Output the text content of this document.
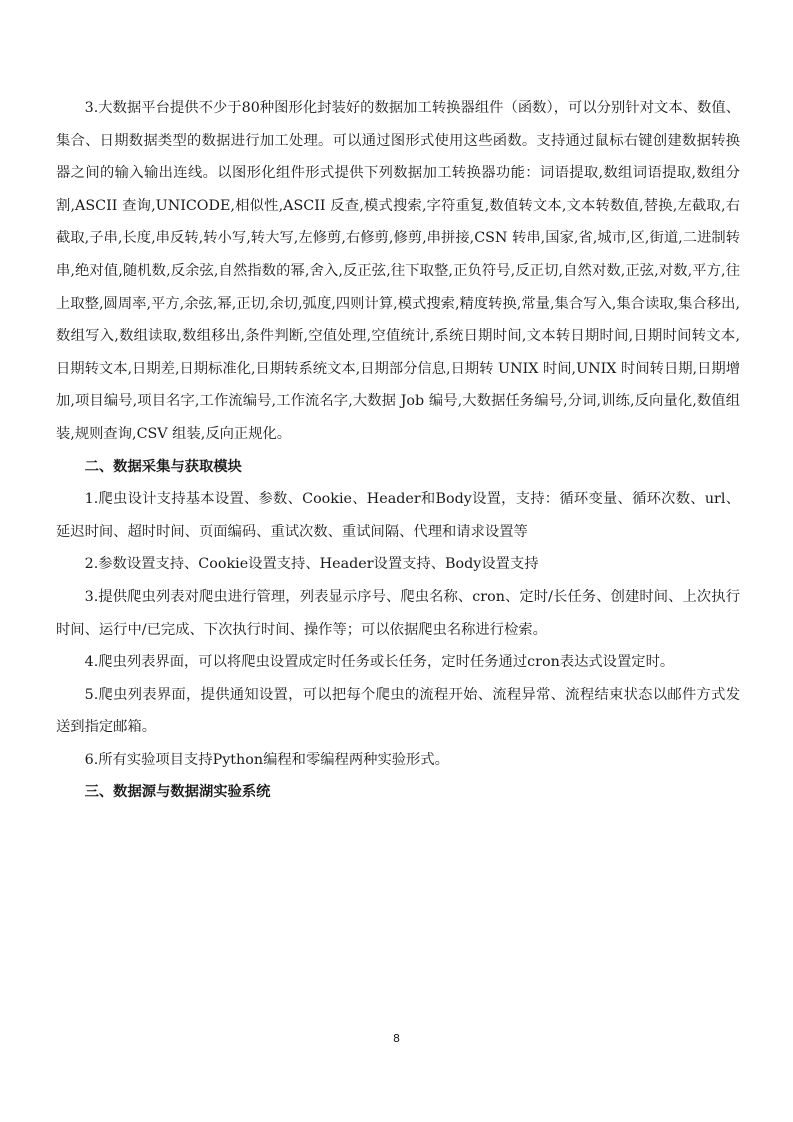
3.大数据平台提供不少于80种图形化封装好的数据加工转换器组件（函数），可以分别针对文本、数值、集合、日期数据类型的数据进行加工处理。可以通过图形式使用这些函数。支持通过鼠标右键创建数据转换器之间的输入输出连线。以图形化组件形式提供下列数据加工转换器功能：词语提取,数组词语提取,数组分割,ASCII 查询,UNICODE,相似性,ASCII 反查,模式搜索,字符重复,数值转文本,文本转数值,替换,左截取,右截取,子串,长度,串反转,转小写,转大写,左修剪,右修剪,修剪,串拼接,CSN 转串,国家,省,城市,区,街道,二进制转串,绝对值,随机数,反余弦,自然指数的幂,舍入,反正弦,往下取整,正负符号,反正切,自然对数,正弦,对数,平方,往上取整,圆周率,平方,余弦,幂,正切,余切,弧度,四则计算,模式搜索,精度转换,常量,集合写入,集合读取,集合移出,数组写入,数组读取,数组移出,条件判断,空值处理,空值统计,系统日期时间,文本转日期时间,日期时间转文本,日期转文本,日期差,日期标准化,日期转系统文本,日期部分信息,日期转 UNIX 时间,UNIX 时间转日期,日期增加,项目编号,项目名字,工作流编号,工作流名字,大数据 Job 编号,大数据任务编号,分词,训练,反向量化,数值组装,规则查询,CSV 组装,反向正规化。

二、数据采集与获取模块

1.爬虫设计支持基本设置、参数、Cookie、Header和Body设置，支持：循环变量、循环次数、url、延迟时间、超时时间、页面编码、重试次数、重试间隔、代理和请求设置等

2.参数设置支持、Cookie设置支持、Header设置支持、Body设置支持

3.提供爬虫列表对爬虫进行管理，列表显示序号、爬虫名称、cron、定时/长任务、创建时间、上次执行时间、运行中/已完成、下次执行时间、操作等；可以依据爬虫名称进行检索。

4.爬虫列表界面，可以将爬虫设置成定时任务或长任务，定时任务通过cron表达式设置定时。

5.爬虫列表界面，提供通知设置，可以把每个爬虫的流程开始、流程异常、流程结束状态以邮件方式发送到指定邮箱。

6.所有实验项目支持Python编程和零编程两种实验形式。

三、数据源与数据湖实验系统

8
